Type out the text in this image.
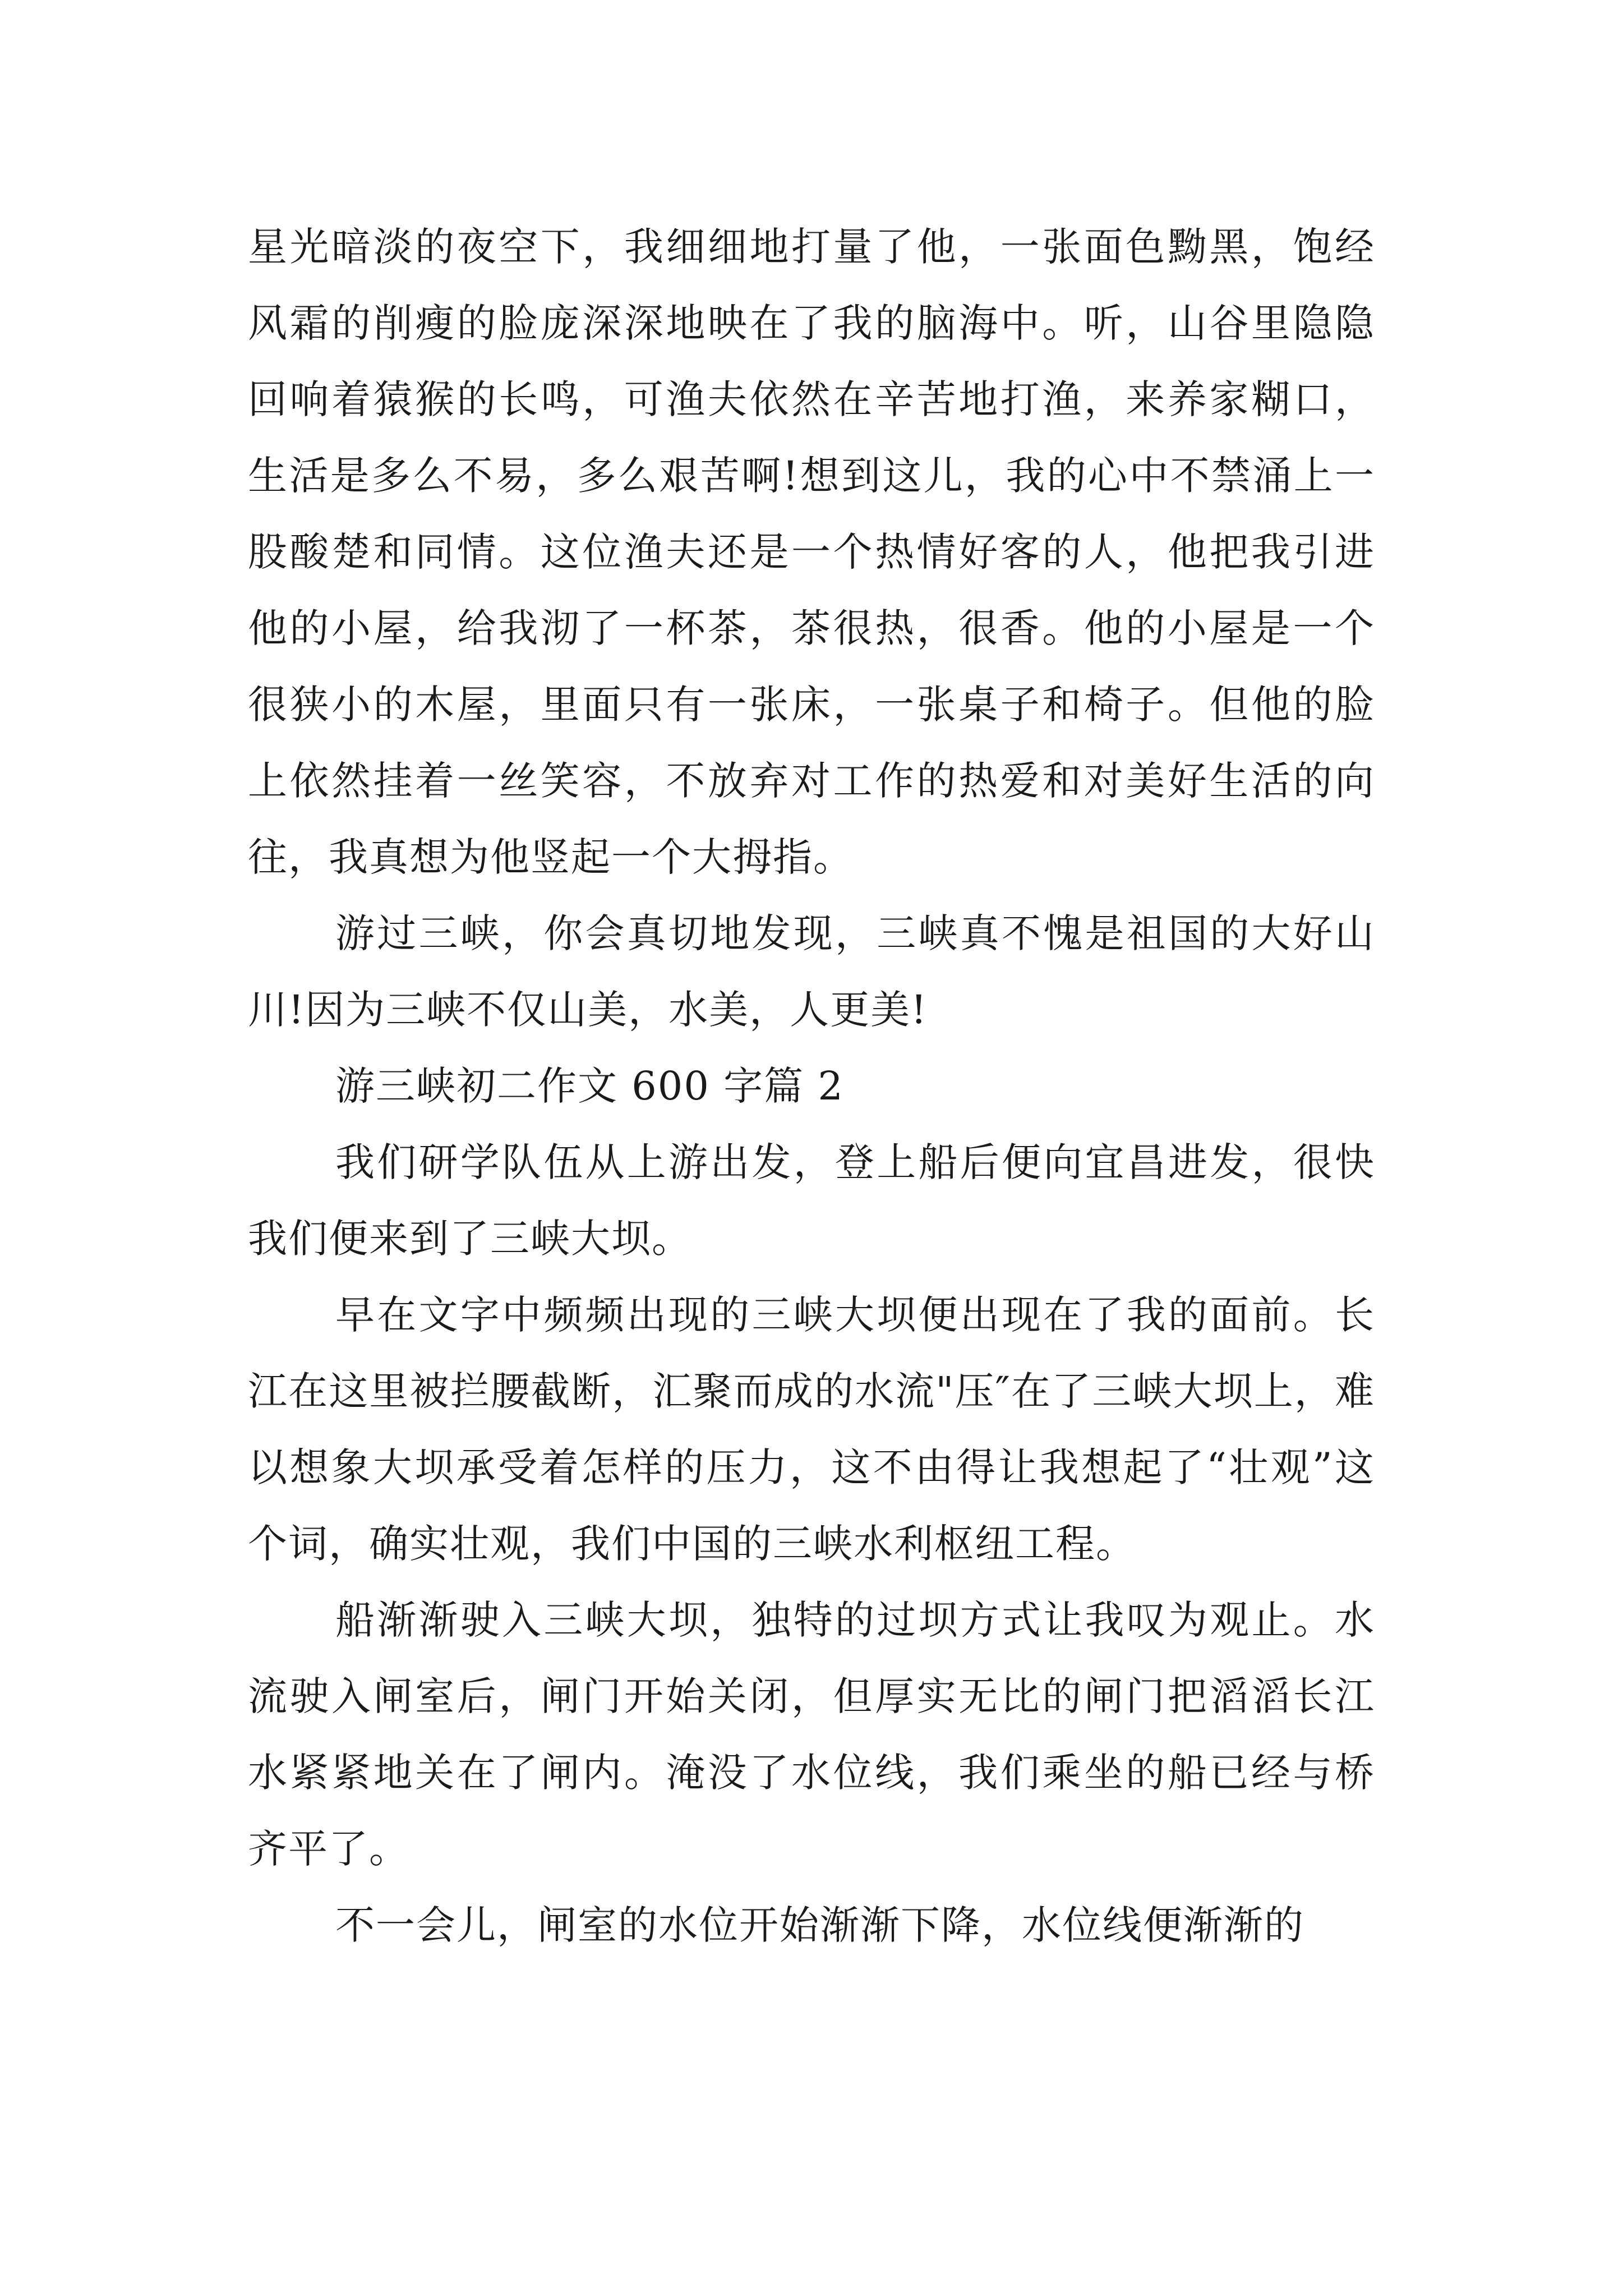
星光暗淡的夜空下，我细细地打量了他，一张面色黝黑，饱经风霜的削瘦的脸庞深深地映在了我的脑海中。听，山谷里隐隐回响着猿猴的长鸣，可渔夫依然在辛苦地打渔，来养家糊口，生活是多么不易，多么艰苦啊!想到这儿，我的心中不禁涌上一股酸楚和同情。这位渔夫还是一个热情好客的人，他把我引进他的小屋，给我沏了一杯茶，茶很热，很香。他的小屋是一个很狭小的木屋，里面只有一张床，一张桌子和椅子。但他的脸上依然挂着一丝笑容，不放弃对工作的热爱和对美好生活的向往，我真想为他竖起一个大拇指。

游过三峡，你会真切地发现，三峡真不愧是祖国的大好山川!因为三峡不仅山美，水美，人更美!

游三峡初二作文 600 字篇 2

我们研学队伍从上游出发，登上船后便向宜昌进发，很快我们便来到了三峡大坝。

早在文字中频频出现的三峡大坝便出现在了我的面前。长江在这里被拦腰截断，汇聚而成的水流"压″在了三峡大坝上，难以想象大坝承受着怎样的压力，这不由得让我想起了“壮观”这个词，确实壮观，我们中国的三峡水利枢纽工程。

船渐渐驶入三峡大坝，独特的过坝方式让我叹为观止。水流驶入闸室后，闸门开始关闭，但厚实无比的闸门把滔滔长江水紧紧地关在了闸内。淹没了水位线，我们乘坐的船已经与桥齐平了。

不一会儿，闸室的水位开始渐渐下降，水位线便渐渐的
